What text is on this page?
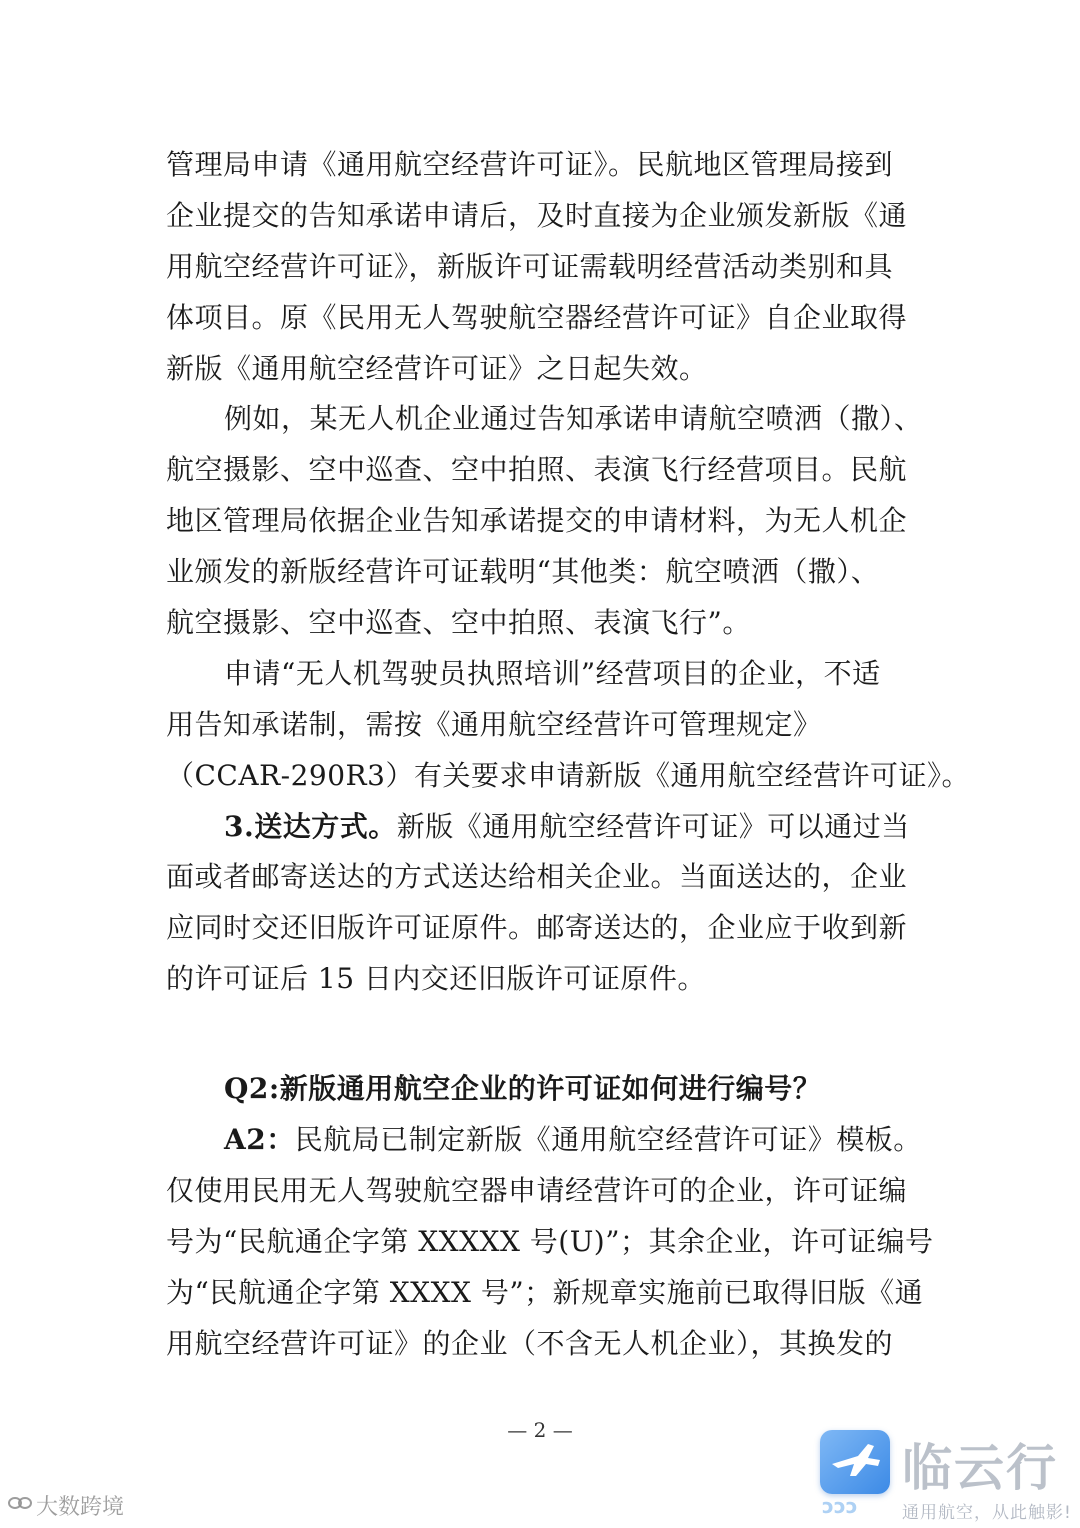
管理局申请《通用航空经营许可证》。民航地区管理局接到
企业提交的告知承诺申请后，及时直接为企业颁发新版《通
用航空经营许可证》，新版许可证需载明经营活动类别和具
体项目。原《民用无人驾驶航空器经营许可证》自企业取得
新版《通用航空经营许可证》之日起失效。
例如，某无人机企业通过告知承诺申请航空喷洒（撒）、
航空摄影、空中巡查、空中拍照、表演飞行经营项目。民航
地区管理局依据企业告知承诺提交的申请材料，为无人机企
业颁发的新版经营许可证载明“其他类：航空喷洒（撒）、
航空摄影、空中巡查、空中拍照、表演飞行”。
申请“无人机驾驶员执照培训”经营项目的企业，不适
用告知承诺制，需按《通用航空经营许可管理规定》
（CCAR-290R3）有关要求申请新版《通用航空经营许可证》。
3.送达方式。新版《通用航空经营许可证》可以通过当
面或者邮寄送达的方式送达给相关企业。当面送达的，企业
应同时交还旧版许可证原件。邮寄送达的，企业应于收到新
的许可证后 15 日内交还旧版许可证原件。
Q2:新版通用航空企业的许可证如何进行编号？
A2：民航局已制定新版《通用航空经营许可证》模板。
仅使用民用无人驾驶航空器申请经营许可的企业，许可证编
号为“民航通企字第 XXXXX 号(U)”；其余企业，许可证编号
为“民航通企字第 XXXX 号”；新规章实施前已取得旧版《通
用航空经营许可证》的企业（不含无人机企业），其换发的
— 2 —
大数跨境	ɔɔɔ
临云行
通用航空，从此触影!
